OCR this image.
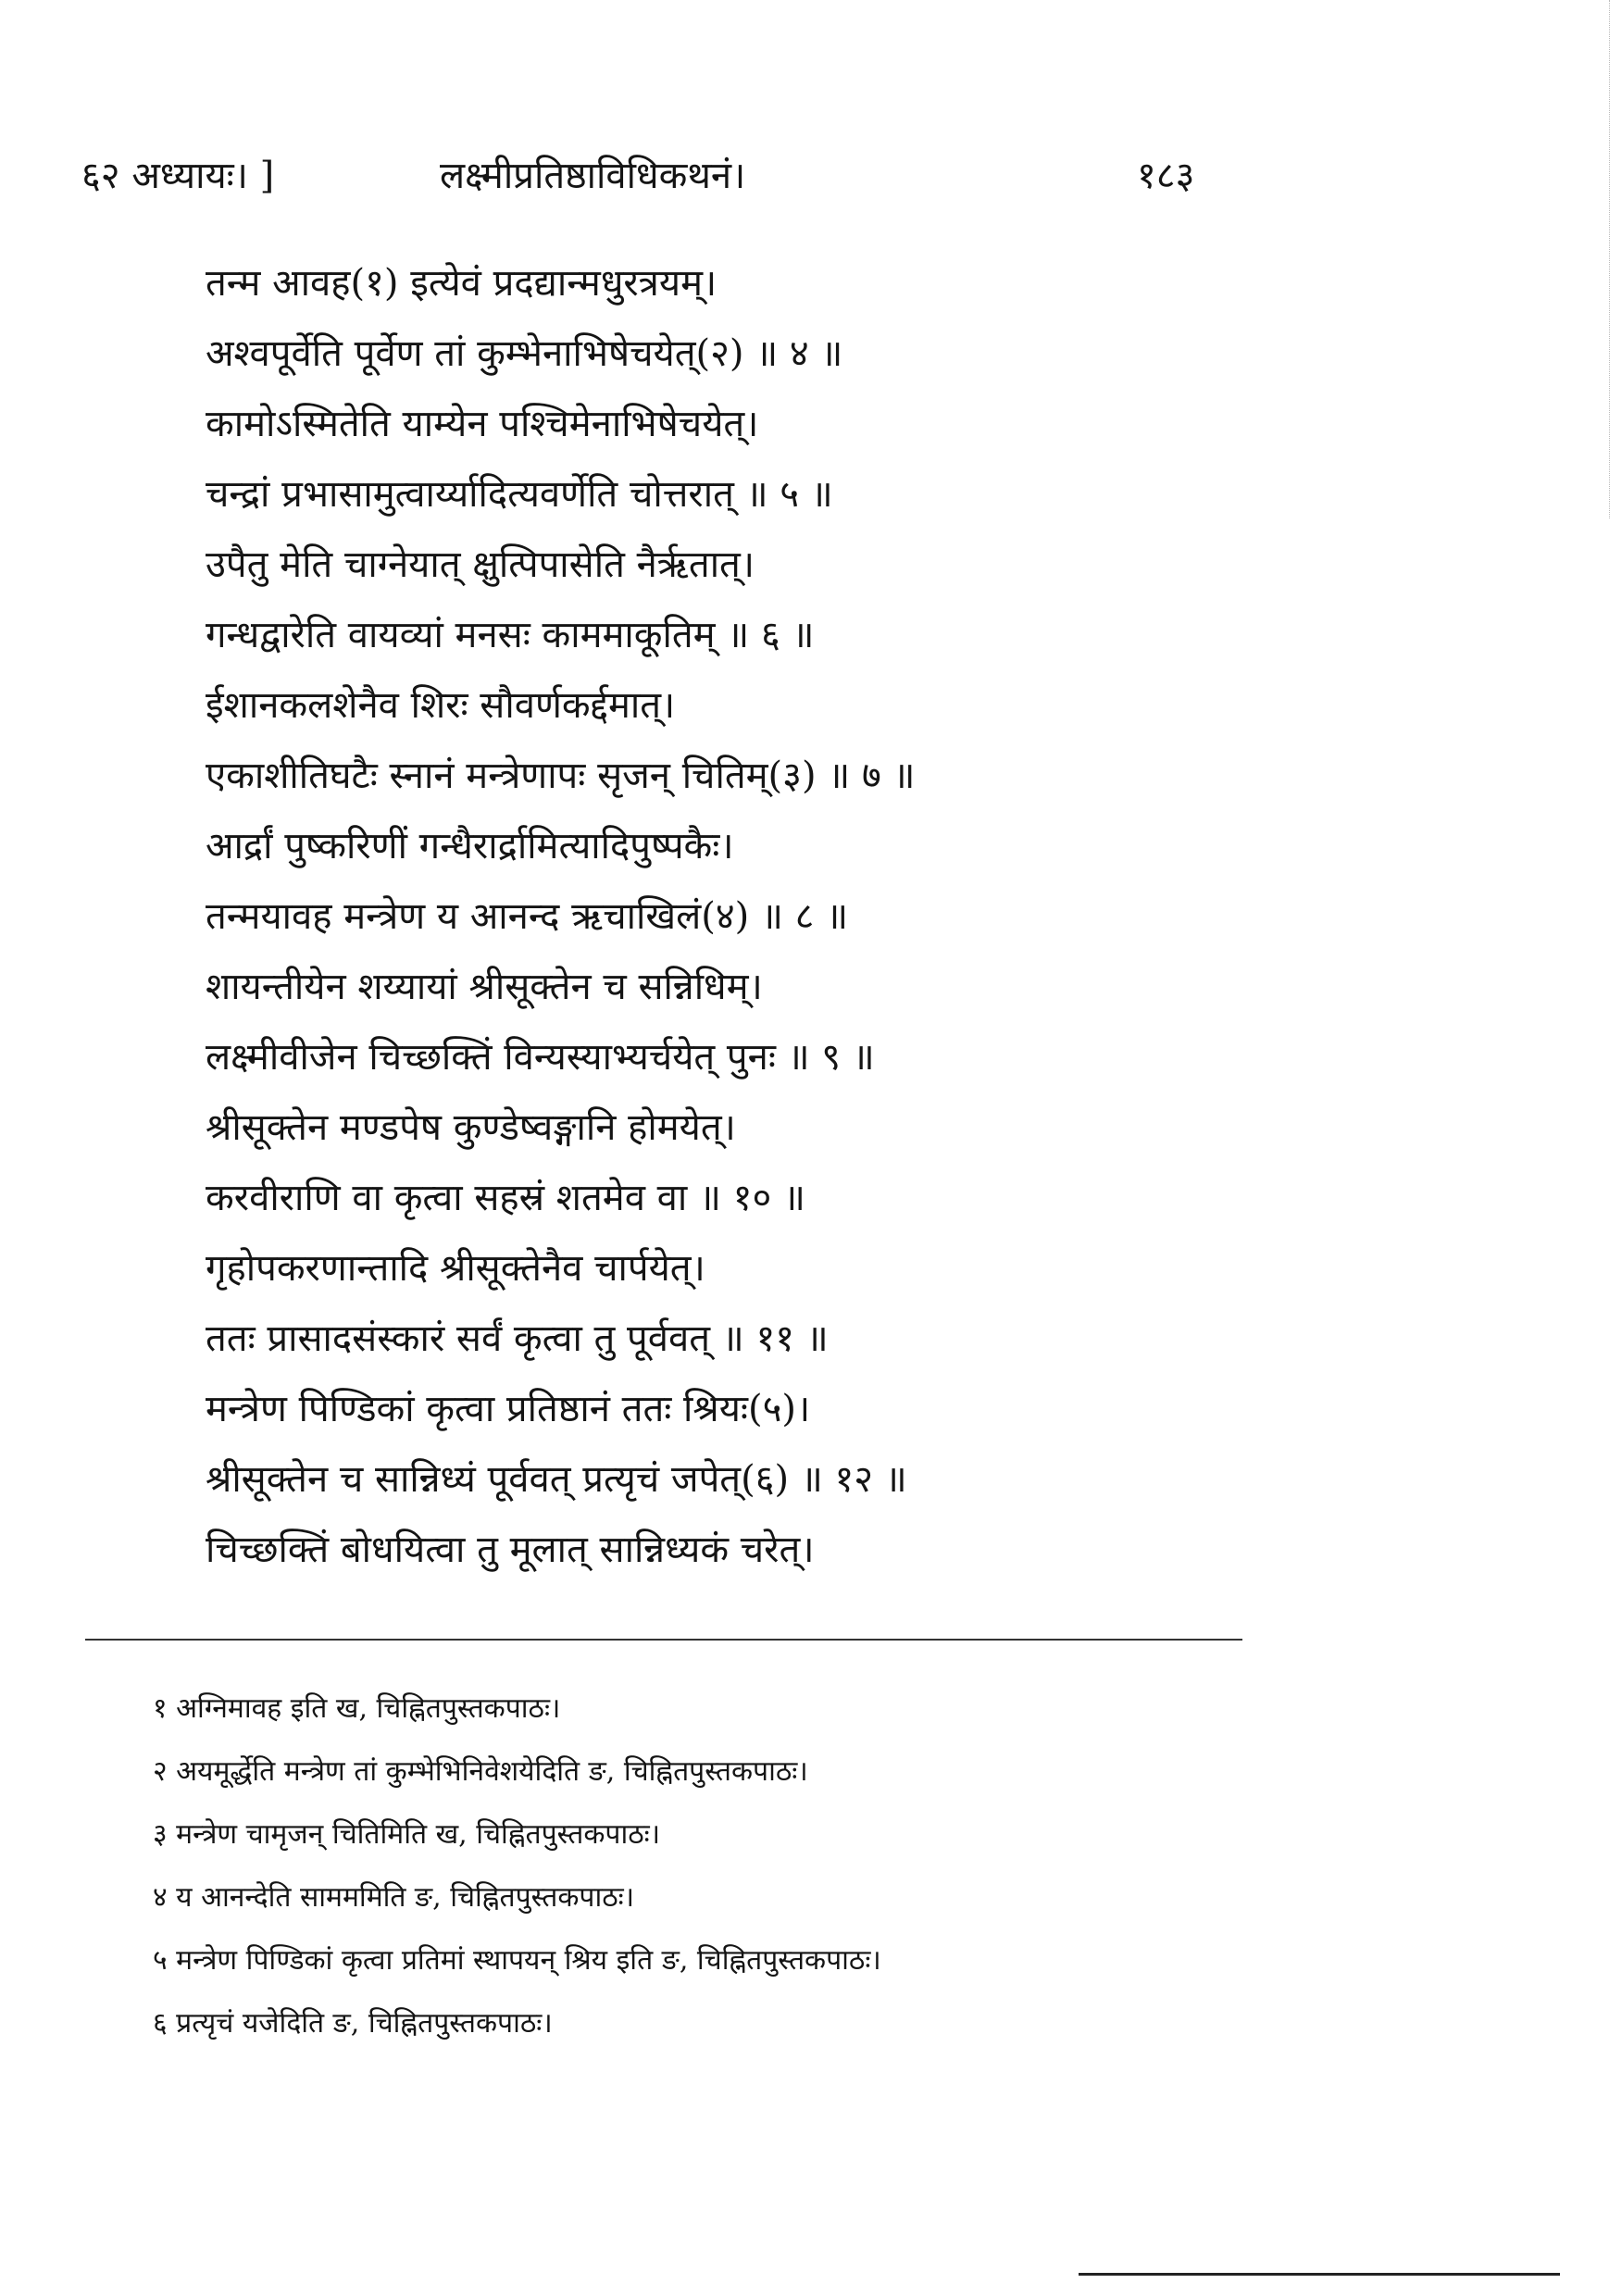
६२ अध्यायः। ]	लक्ष्मीप्रतिष्ठाविधिकथनं।	१८३
तन्म आवह(१) इत्येवं प्रदद्यान्मधुरत्रयम्।
अश्वपूर्वेति पूर्वेण तां कुम्भेनाभिषेचयेत्(२) ॥ ४ ॥
कामोऽस्मितेति याम्येन पश्चिमेनाभिषेचयेत्।
चन्द्रां प्रभासामुत्वार्य्यादित्यवर्णेति चोत्तरात् ॥ ५ ॥
उपैतु मेति चाग्नेयात् क्षुत्पिपासेति नैर्ऋतात्।
गन्धद्वारेति वायव्यां मनसः काममाकूतिम् ॥ ६ ॥
ईशानकलशेनैव शिरः सौवर्णकर्द्दमात्।
एकाशीतिघटैः स्नानं मन्त्रेणापः सृजन् चितिम्(३) ॥ ७ ॥
आर्द्रां पुष्करिणीं गन्धैरार्द्रामित्यादिपुष्पकैः।
तन्मयावह मन्त्रेण य आनन्द ऋचाखिलं(४) ॥ ८ ॥
शायन्तीयेन शय्यायां श्रीसूक्तेन च सन्निधिम्।
लक्ष्मीवीजेन चिच्छक्तिं विन्यस्याभ्यर्चयेत् पुनः ॥ ९ ॥
श्रीसूक्तेन मण्डपेष कुण्डेष्वङ्गानि होमयेत्।
करवीराणि वा कृत्वा सहस्रं शतमेव वा ॥ १० ॥
गृहोपकरणान्तादि श्रीसूक्तेनैव चार्पयेत्।
ततः प्रासादसंस्कारं सर्वं कृत्वा तु पूर्ववत् ॥ ११ ॥
मन्त्रेण पिण्डिकां कृत्वा प्रतिष्ठानं ततः श्रियः(५)।
श्रीसूक्तेन च सान्निध्यं पूर्ववत् प्रत्यृचं जपेत्(६) ॥ १२ ॥
चिच्छक्तिं बोधयित्वा तु मूलात् सान्निध्यकं चरेत्।
१ अग्निमावह इति ख, चिह्नितपुस्तकपाठः।
२ अयमूर्द्धेति मन्त्रेण तां कुम्भेभिनिवेशयेदिति ङ, चिह्नितपुस्तकपाठः।
३ मन्त्रेण चामृजन् चितिमिति ख, चिह्नितपुस्तकपाठः।
४ य आनन्देति सामममिति ङ, चिह्नितपुस्तकपाठः।
५ मन्त्रेण पिण्डिकां कृत्वा प्रतिमां स्थापयन् श्रिय इति ङ, चिह्नितपुस्तकपाठः।
६ प्रत्यृचं यजेदिति ङ, चिह्नितपुस्तकपाठः।
